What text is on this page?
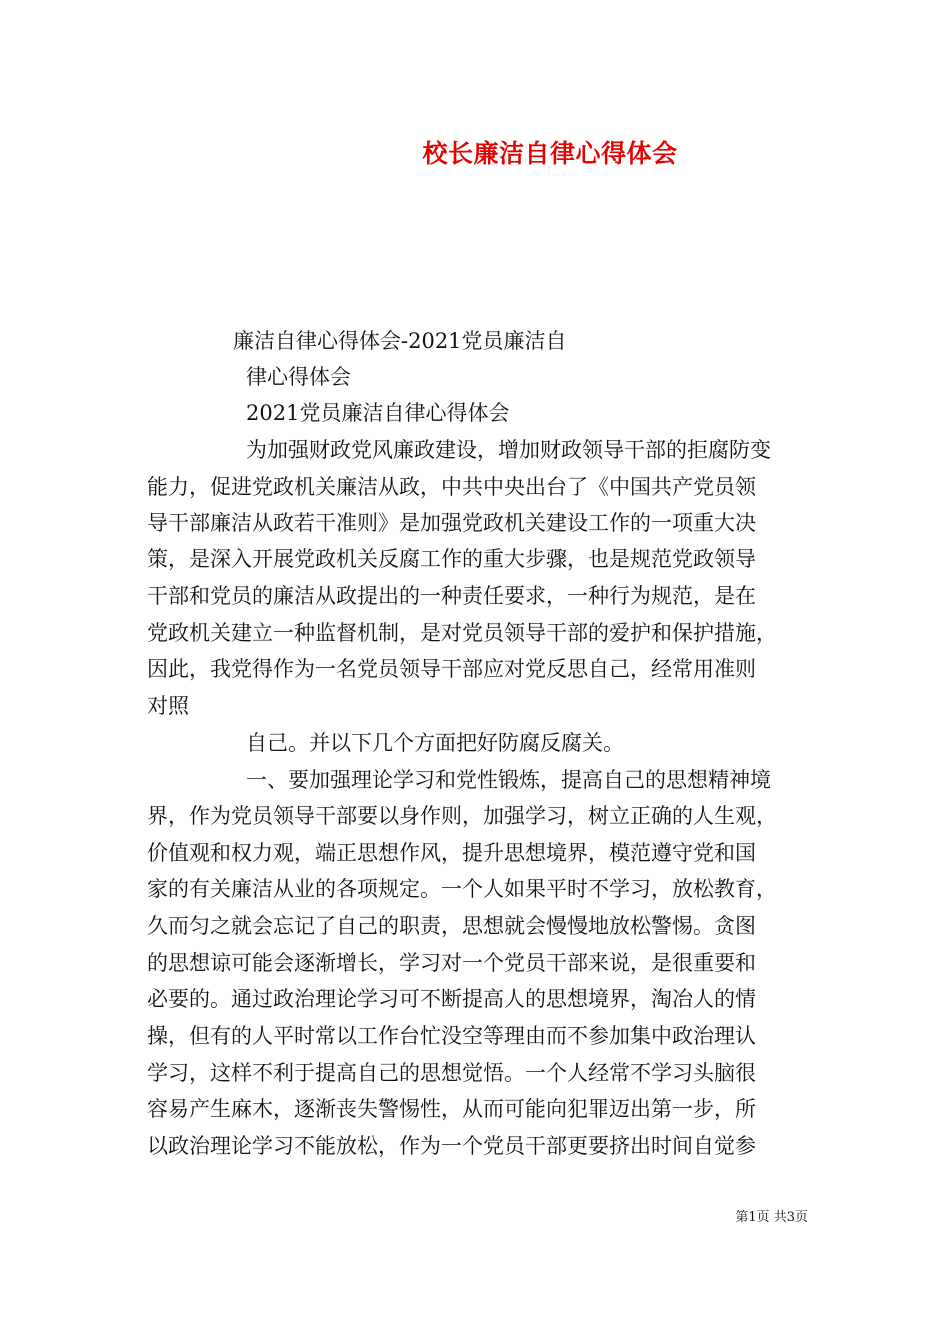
校长廉洁自律心得体会
廉洁自律心得体会-2021党员廉洁自
律心得体会
2021党员廉洁自律心得体会
为加强财政党风廉政建设，增加财政领导干部的拒腐防变
能力，促进党政机关廉洁从政，中共中央出台了《中国共产党员领
导干部廉洁从政若干准则》是加强党政机关建设工作的一项重大决
策，是深入开展党政机关反腐工作的重大步骤，也是规范党政领导
干部和党员的廉洁从政提出的一种责任要求，一种行为规范，是在
党政机关建立一种监督机制，是对党员领导干部的爱护和保护措施，
因此，我党得作为一名党员领导干部应对党反思自己，经常用准则
对照
自己。并以下几个方面把好防腐反腐关。
一、要加强理论学习和党性锻炼，提高自己的思想精神境
界，作为党员领导干部要以身作则，加强学习，树立正确的人生观，
价值观和权力观，端正思想作风，提升思想境界，模范遵守党和国
家的有关廉洁从业的各项规定。一个人如果平时不学习，放松教育，
久而匀之就会忘记了自己的职责，思想就会慢慢地放松警惕。贪图
的思想谅可能会逐渐增长，学习对一个党员干部来说，是很重要和
必要的。通过政治理论学习可不断提高人的思想境界，淘冶人的情
操，但有的人平时常以工作台忙没空等理由而不参加集中政治理认
学习，这样不利于提高自己的思想觉悟。一个人经常不学习头脑很
容易产生麻木，逐渐丧失警惕性，从而可能向犯罪迈出第一步，所
以政治理论学习不能放松，作为一个党员干部更要挤出时间自觉参
第1页 共3页
